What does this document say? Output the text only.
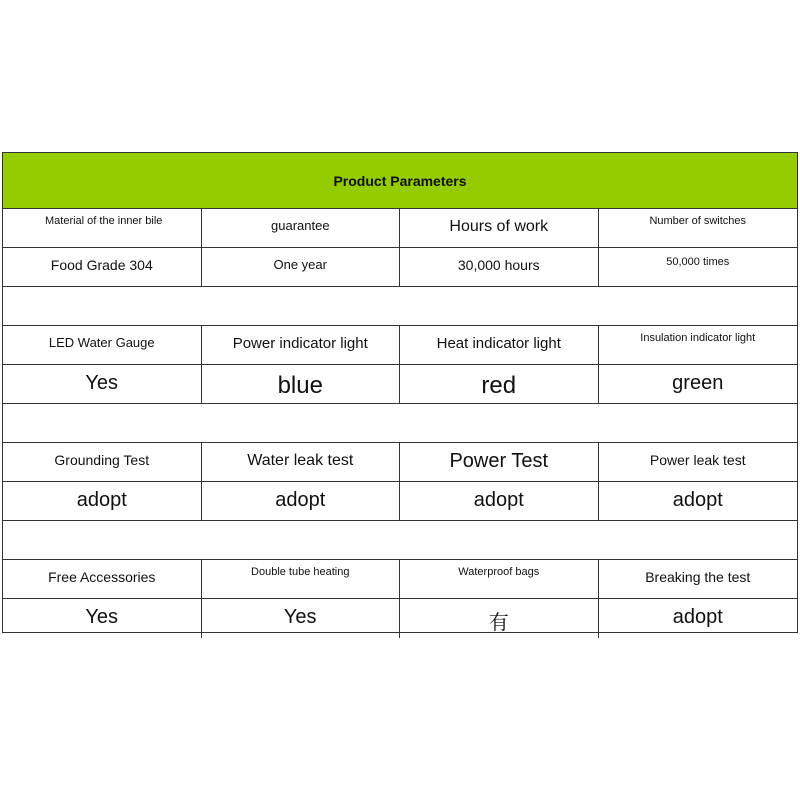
Product Parameters
Material of the inner bile	guarantee	Hours of work	Number of switches
Food Grade 304	One year	30,000 hours	50,000 times
LED Water Gauge	Power indicator light	Heat indicator light	Insulation indicator light
Yes	blue	red	green
Grounding Test	Water leak test	Power Test	Power leak test
adopt	adopt	adopt	adopt
Free Accessories	Double tube heating	Waterproof bags	Breaking the test
Yes	Yes	有	adopt
